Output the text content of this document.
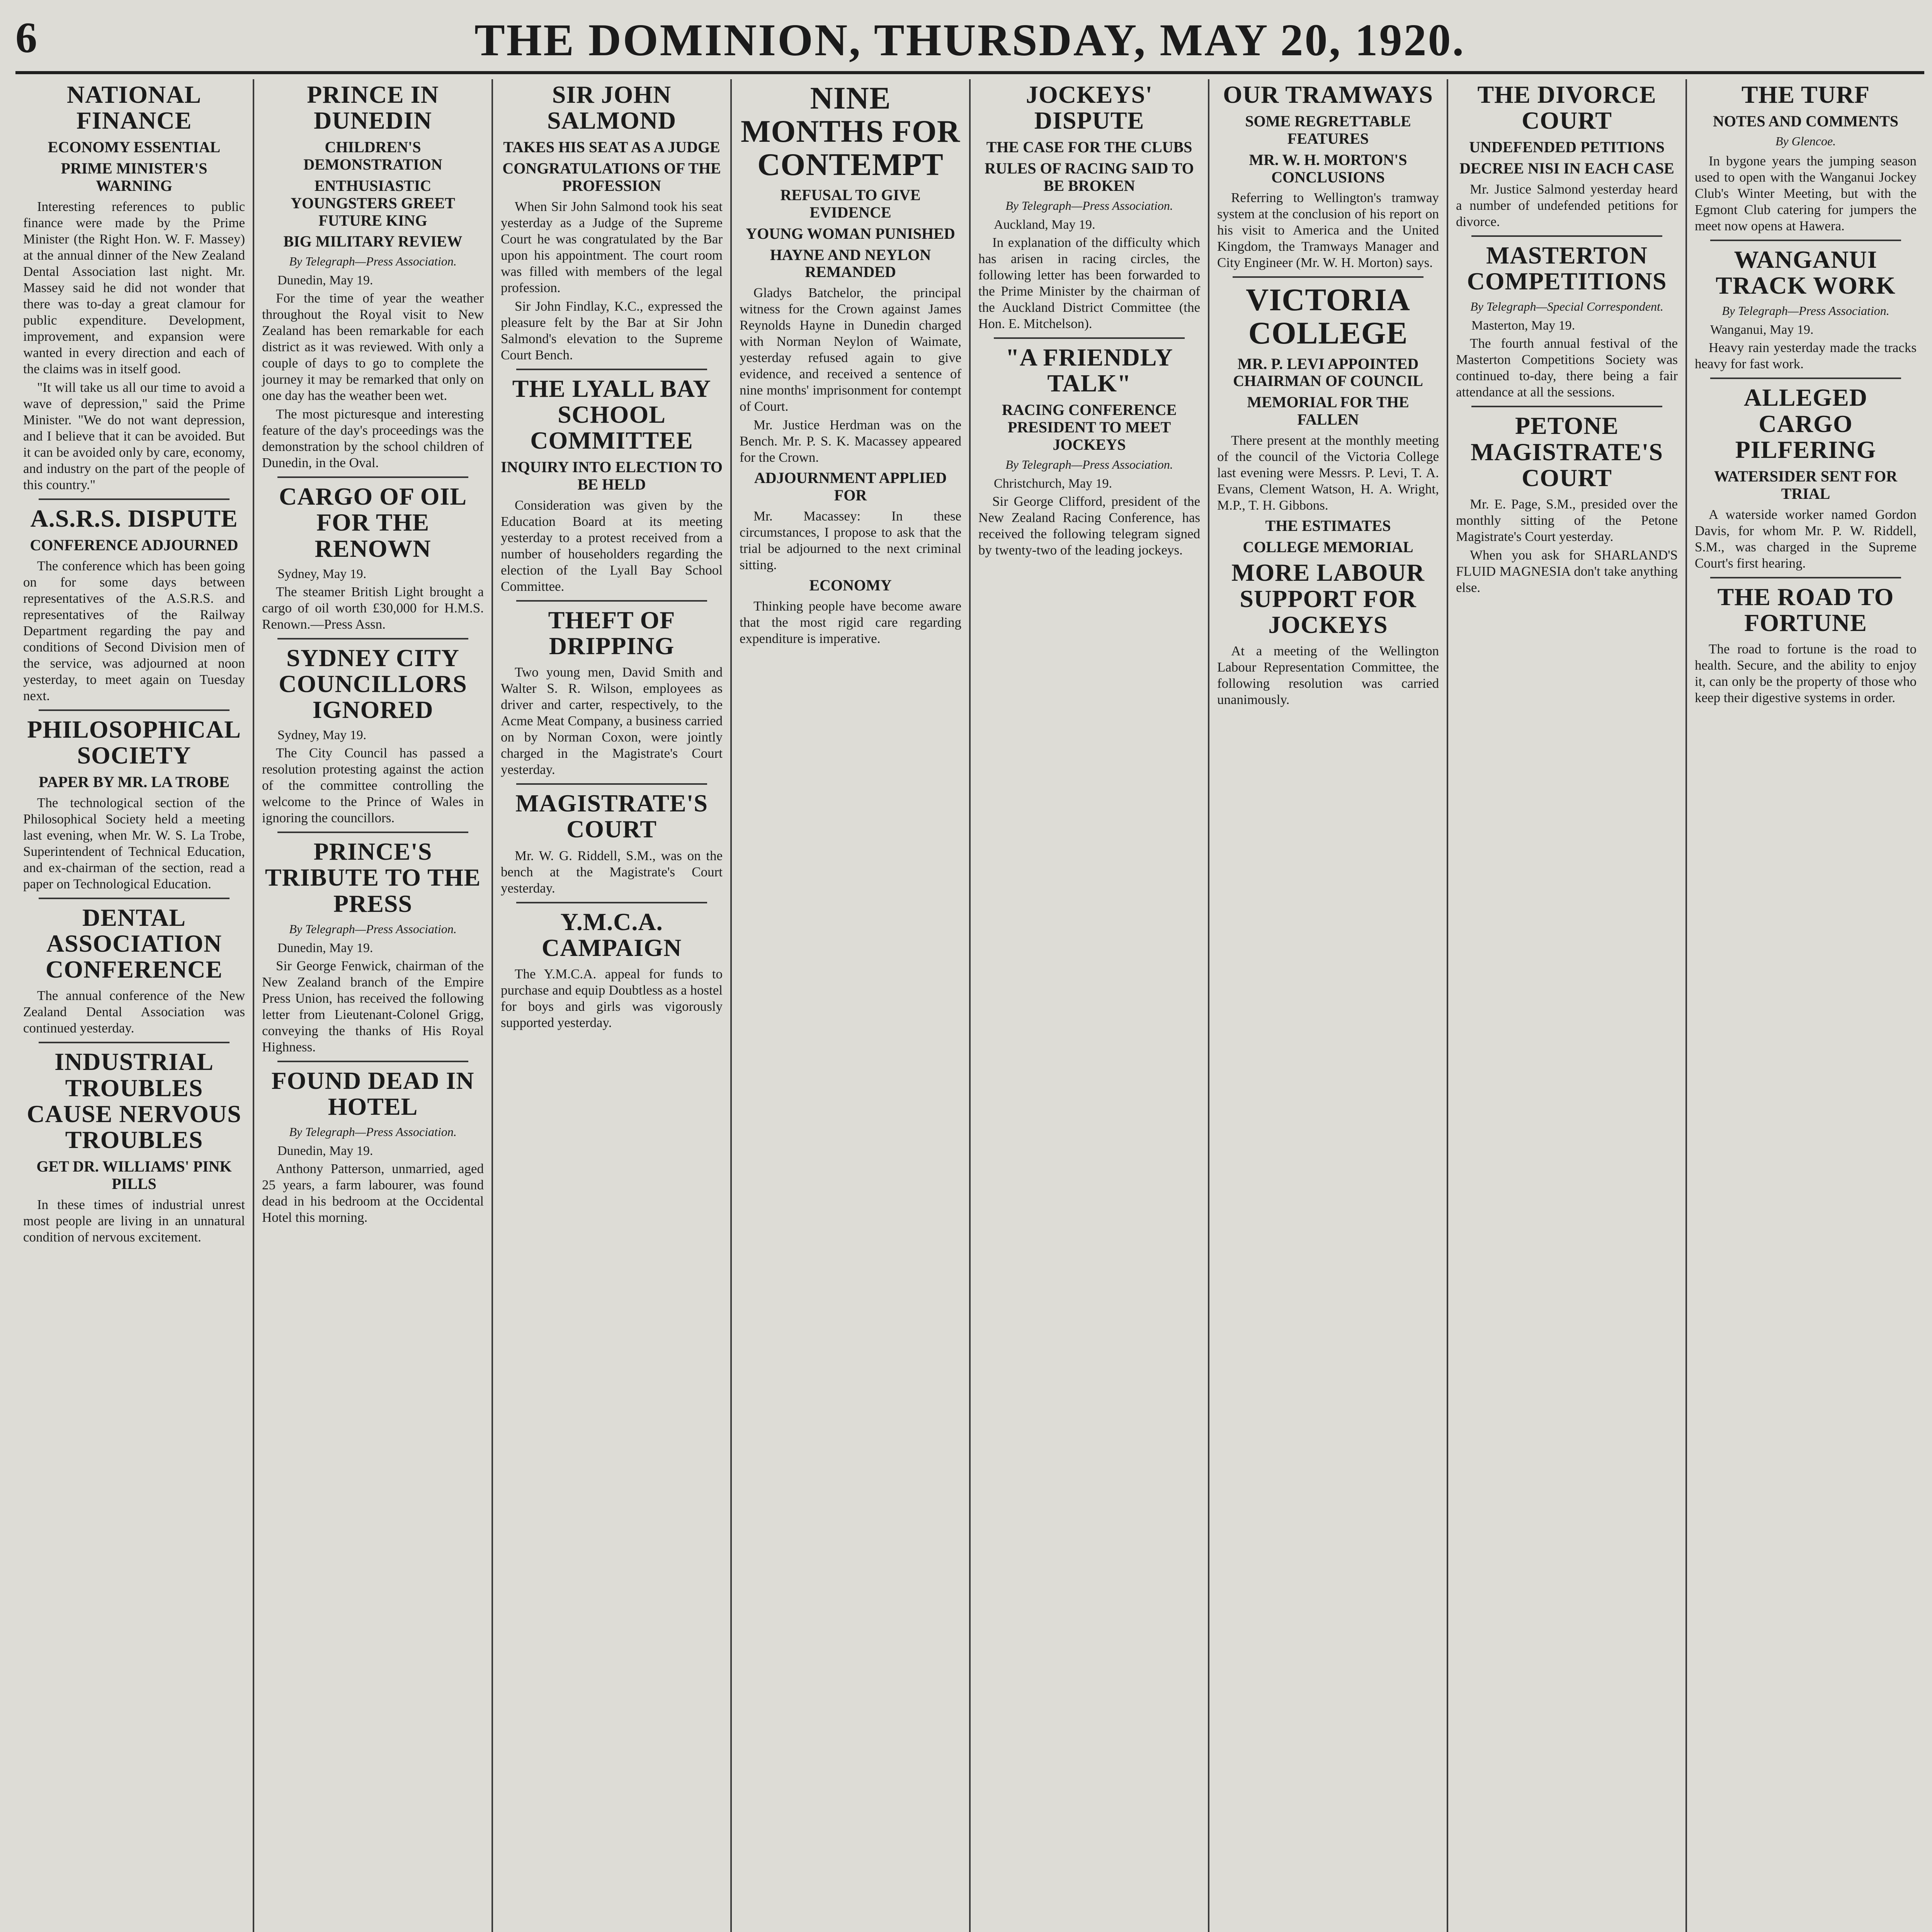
6	THE DOMINION, THURSDAY, MAY 20, 1920.
NATIONAL FINANCE
ECONOMY ESSENTIAL
PRIME MINISTER'S WARNING

Interesting references to public finance were made by the Prime Minister (the Right Hon. W. F. Massey) at the annual dinner of the New Zealand Dental Association last night. Mr. Massey said he did not wonder that there was to-day a great clamour for public expenditure. Development, improvement, and expansion were wanted in every direction and each of the claims was in itself good.

"It will take us all our time to avoid a wave of depression," said the Prime Minister. "We do not want depression, and I believe that it can be avoided. But it can be avoided only by care, economy, and industry on the part of the people of this country."

A.S.R.S. DISPUTE
CONFERENCE ADJOURNED

The conference which has been going on for some days between representatives of the A.S.R.S. and representatives of the Railway Department regarding the pay and conditions of Second Division men of the service, was adjourned at noon yesterday, to meet again on Tuesday next.

PHILOSOPHICAL SOCIETY
PAPER BY MR. LA TROBE

The technological section of the Philosophical Society held a meeting last evening, when Mr. W. S. La Trobe, Superintendent of Technical Education, and ex-chairman of the section, read a paper on Technological Education.

DENTAL ASSOCIATION CONFERENCE

The annual conference of the New Zealand Dental Association was continued yesterday.

INDUSTRIAL TROUBLES CAUSE NERVOUS TROUBLES
GET DR. WILLIAMS' PINK PILLS

In these times of industrial unrest most people are living in an unnatural condition of nervous excitement.

PRINCE IN DUNEDIN
CHILDREN'S DEMONSTRATION
ENTHUSIASTIC YOUNGSTERS GREET FUTURE KING
BIG MILITARY REVIEW
By Telegraph—Press Association.
Dunedin, May 19.

For the time of year the weather throughout the Royal visit to New Zealand has been remarkable for each district as it was reviewed. With only a couple of days to go to complete the journey it may be remarked that only on one day has the weather been wet.

The most picturesque and interesting feature of the day's proceedings was the demonstration by the school children of Dunedin, in the Oval.

CARGO OF OIL FOR THE RENOWN
Sydney, May 19.

The steamer British Light brought a cargo of oil worth £30,000 for H.M.S. Renown.—Press Assn.

SYDNEY CITY COUNCILLORS IGNORED
Sydney, May 19.

The City Council has passed a resolution protesting against the action of the committee controlling the welcome to the Prince of Wales in ignoring the councillors.

PRINCE'S TRIBUTE TO THE PRESS
By Telegraph—Press Association.
Dunedin, May 19.

Sir George Fenwick, chairman of the New Zealand branch of the Empire Press Union, has received the following letter from Lieutenant-Colonel Grigg, conveying the thanks of His Royal Highness.

FOUND DEAD IN HOTEL
By Telegraph—Press Association.
Dunedin, May 19.

Anthony Patterson, unmarried, aged 25 years, a farm labourer, was found dead in his bedroom at the Occidental Hotel this morning.

SIR JOHN SALMOND
TAKES HIS SEAT AS A JUDGE
CONGRATULATIONS OF THE PROFESSION

When Sir John Salmond took his seat yesterday as a Judge of the Supreme Court he was congratulated by the Bar upon his appointment. The court room was filled with members of the legal profession.

Sir John Findlay, K.C., expressed the pleasure felt by the Bar at Sir John Salmond's elevation to the Supreme Court Bench.

THE LYALL BAY SCHOOL COMMITTEE
INQUIRY INTO ELECTION TO BE HELD

Consideration was given by the Education Board at its meeting yesterday to a protest received from a number of householders regarding the election of the Lyall Bay School Committee.

THEFT OF DRIPPING

Two young men, David Smith and Walter S. R. Wilson, employees as driver and carter, respectively, to the Acme Meat Company, a business carried on by Norman Coxon, were jointly charged in the Magistrate's Court yesterday.

MAGISTRATE'S COURT

Mr. W. G. Riddell, S.M., was on the bench at the Magistrate's Court yesterday.

Y.M.C.A. CAMPAIGN

The Y.M.C.A. appeal for funds to purchase and equip Doubtless as a hostel for boys and girls was vigorously supported yesterday.

NINE MONTHS FOR CONTEMPT
REFUSAL TO GIVE EVIDENCE
YOUNG WOMAN PUNISHED
HAYNE AND NEYLON REMANDED

Gladys Batchelor, the principal witness for the Crown against James Reynolds Hayne in Dunedin charged with Norman Neylon of Waimate, yesterday refused again to give evidence, and received a sentence of nine months' imprisonment for contempt of Court.

Mr. Justice Herdman was on the Bench. Mr. P. S. K. Macassey appeared for the Crown.

ADJOURNMENT APPLIED FOR

Mr. Macassey: In these circumstances, I propose to ask that the trial be adjourned to the next criminal sitting.

ECONOMY

Thinking people have become aware that the most rigid care regarding expenditure is imperative.

JOCKEYS' DISPUTE
THE CASE FOR THE CLUBS
RULES OF RACING SAID TO BE BROKEN
By Telegraph—Press Association.
Auckland, May 19.

In explanation of the difficulty which has arisen in racing circles, the following letter has been forwarded to the Prime Minister by the chairman of the Auckland District Committee (the Hon. E. Mitchelson).

"A FRIENDLY TALK"
RACING CONFERENCE PRESIDENT TO MEET JOCKEYS
By Telegraph—Press Association.
Christchurch, May 19.

Sir George Clifford, president of the New Zealand Racing Conference, has received the following telegram signed by twenty-two of the leading jockeys.

OUR TRAMWAYS
SOME REGRETTABLE FEATURES
MR. W. H. MORTON'S CONCLUSIONS

Referring to Wellington's tramway system at the conclusion of his report on his visit to America and the United Kingdom, the Tramways Manager and City Engineer (Mr. W. H. Morton) says.

VICTORIA COLLEGE
MR. P. LEVI APPOINTED CHAIRMAN OF COUNCIL
MEMORIAL FOR THE FALLEN

There present at the monthly meeting of the council of the Victoria College last evening were Messrs. P. Levi, T. A. Evans, Clement Watson, H. A. Wright, M.P., T. H. Gibbons.

THE ESTIMATES
COLLEGE MEMORIAL
MORE LABOUR SUPPORT FOR JOCKEYS

At a meeting of the Wellington Labour Representation Committee, the following resolution was carried unanimously.

THE DIVORCE COURT
UNDEFENDED PETITIONS
DECREE NISI IN EACH CASE

Mr. Justice Salmond yesterday heard a number of undefended petitions for divorce.

MASTERTON COMPETITIONS
By Telegraph—Special Correspondent.
Masterton, May 19.

The fourth annual festival of the Masterton Competitions Society was continued to-day, there being a fair attendance at all the sessions.

PETONE MAGISTRATE'S COURT

Mr. E. Page, S.M., presided over the monthly sitting of the Petone Magistrate's Court yesterday.

When you ask for SHARLAND'S FLUID MAGNESIA don't take anything else.

THE TURF
NOTES AND COMMENTS
By Glencoe.

In bygone years the jumping season used to open with the Wanganui Jockey Club's Winter Meeting, but with the Egmont Club catering for jumpers the meet now opens at Hawera.

WANGANUI TRACK WORK
By Telegraph—Press Association.
Wanganui, May 19.

Heavy rain yesterday made the tracks heavy for fast work.

ALLEGED CARGO PILFERING
WATERSIDER SENT FOR TRIAL

A waterside worker named Gordon Davis, for whom Mr. P. W. Riddell, S.M., was charged in the Supreme Court's first hearing.

THE ROAD TO FORTUNE

The road to fortune is the road to health. Secure, and the ability to enjoy it, can only be the property of those who keep their digestive systems in order.
